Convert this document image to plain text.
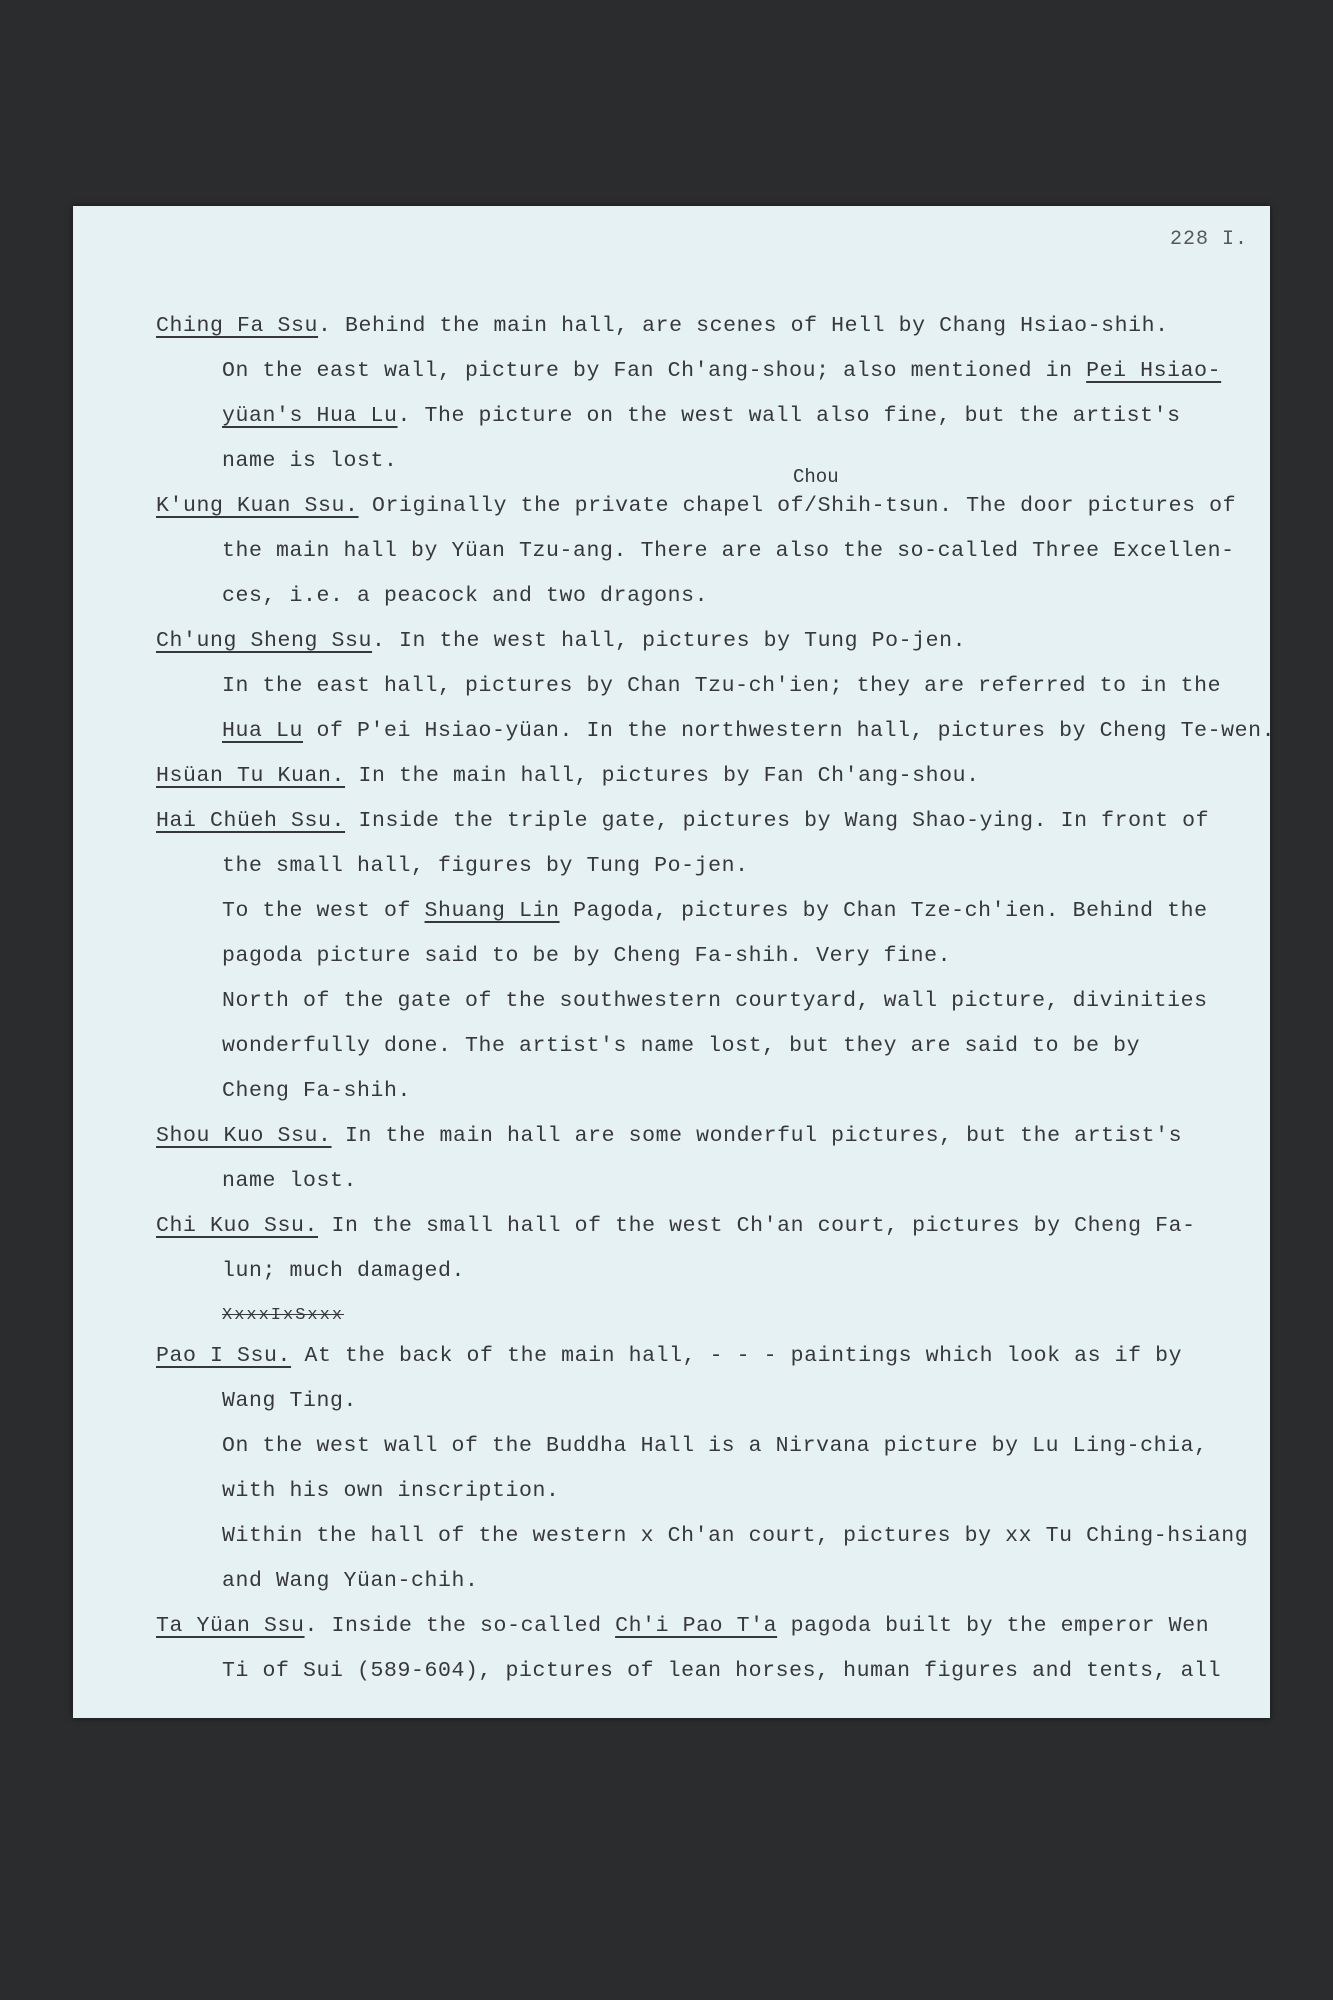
228 I.
Chou
Ching Fa Ssu. Behind the main hall, are scenes of Hell by Chang Hsiao-shih.
On the east wall, picture by Fan Ch'ang-shou; also mentioned in Pei Hsiao-
yüan's Hua Lu. The picture on the west wall also fine, but the artist's
name is lost.
K'ung Kuan Ssu. Originally the private chapel of/Shih-tsun. The door pictures of
the main hall by Yüan Tzu-ang. There are also the so-called Three Excellen-
ces, i.e. a peacock and two dragons.
Ch'ung Sheng Ssu. In the west hall, pictures by Tung Po-jen.
In the east hall, pictures by Chan Tzu-ch'ien; they are referred to in the
Hua Lu of P'ei Hsiao-yüan. In the northwestern hall, pictures by Cheng Te-wen.
Hsüan Tu Kuan. In the main hall, pictures by Fan Ch'ang-shou.
Hai Chüeh Ssu. Inside the triple gate, pictures by Wang Shao-ying. In front of
the small hall, figures by Tung Po-jen.
To the west of Shuang Lin Pagoda, pictures by Chan Tze-ch'ien. Behind the
pagoda picture said to be by Cheng Fa-shih. Very fine.
North of the gate of the southwestern courtyard, wall picture, divinities
wonderfully done. The artist's name lost, but they are said to be by
Cheng Fa-shih.
Shou Kuo Ssu. In the main hall are some wonderful pictures, but the artist's
name lost.
Chi Kuo Ssu. In the small hall of the west Ch'an court, pictures by Cheng Fa-
lun; much damaged.
XxxxIxSxxx
Pao I Ssu. At the back of the main hall, - - - paintings which look as if by
Wang Ting.
On the west wall of the Buddha Hall is a Nirvana picture by Lu Ling-chia,
with his own inscription.
Within the hall of the western x Ch'an court, pictures by xx Tu Ching-hsiang
and Wang Yüan-chih.
Ta Yüan Ssu. Inside the so-called Ch'i Pao T'a pagoda built by the emperor Wen
Ti of Sui (589-604), pictures of lean horses, human figures and tents, all
